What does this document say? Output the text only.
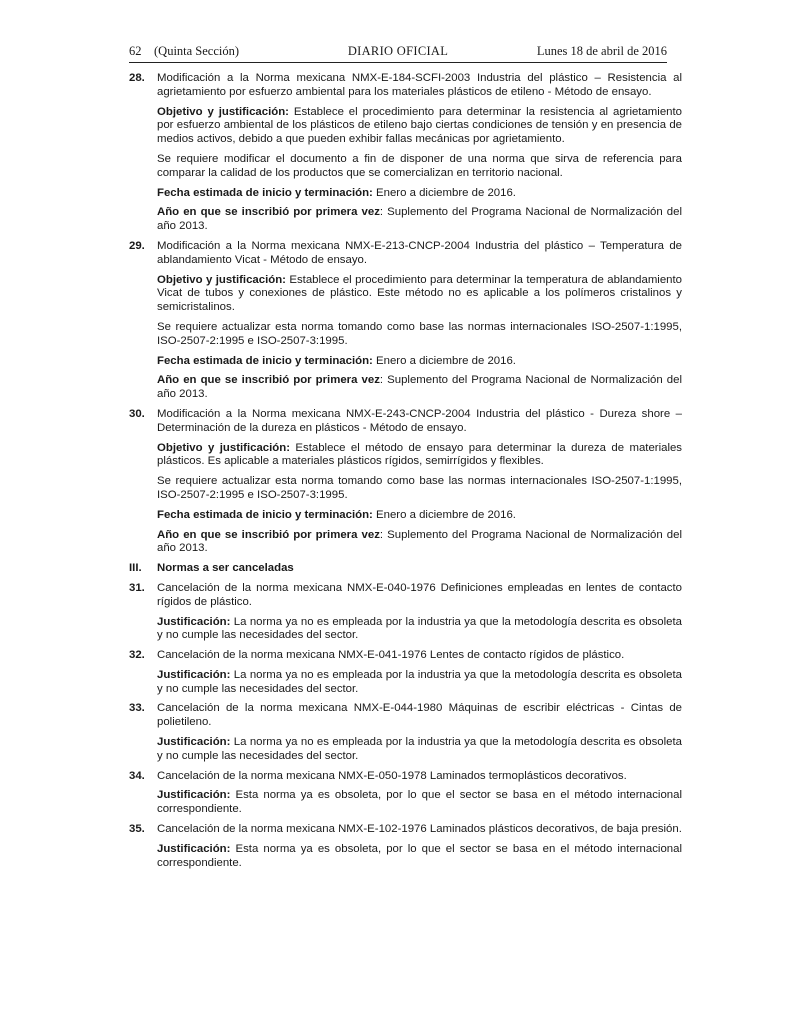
62 (Quinta Sección)	DIARIO OFICIAL	Lunes 18 de abril de 2016
28. Modificación a la Norma mexicana NMX-E-184-SCFI-2003 Industria del plástico – Resistencia al agrietamiento por esfuerzo ambiental para los materiales plásticos de etileno - Método de ensayo.
Objetivo y justificación: Establece el procedimiento para determinar la resistencia al agrietamiento por esfuerzo ambiental de los plásticos de etileno bajo ciertas condiciones de tensión y en presencia de medios activos, debido a que pueden exhibir fallas mecánicas por agrietamiento.
Se requiere modificar el documento a fin de disponer de una norma que sirva de referencia para comparar la calidad de los productos que se comercializan en territorio nacional.
Fecha estimada de inicio y terminación: Enero a diciembre de 2016.
Año en que se inscribió por primera vez: Suplemento del Programa Nacional de Normalización del año 2013.
29. Modificación a la Norma mexicana NMX-E-213-CNCP-2004 Industria del plástico – Temperatura de ablandamiento Vicat - Método de ensayo.
Objetivo y justificación: Establece el procedimiento para determinar la temperatura de ablandamiento Vicat de tubos y conexiones de plástico. Este método no es aplicable a los polímeros cristalinos y semicristalinos.
Se requiere actualizar esta norma tomando como base las normas internacionales ISO-2507-1:1995, ISO-2507-2:1995 e ISO-2507-3:1995.
Fecha estimada de inicio y terminación: Enero a diciembre de 2016.
Año en que se inscribió por primera vez: Suplemento del Programa Nacional de Normalización del año 2013.
30. Modificación a la Norma mexicana NMX-E-243-CNCP-2004 Industria del plástico - Dureza shore – Determinación de la dureza en plásticos - Método de ensayo.
Objetivo y justificación: Establece el método de ensayo para determinar la dureza de materiales plásticos. Es aplicable a materiales plásticos rígidos, semirrígidos y flexibles.
Se requiere actualizar esta norma tomando como base las normas internacionales ISO-2507-1:1995, ISO-2507-2:1995 e ISO-2507-3:1995.
Fecha estimada de inicio y terminación: Enero a diciembre de 2016.
Año en que se inscribió por primera vez: Suplemento del Programa Nacional de Normalización del año 2013.
III. Normas a ser canceladas
31. Cancelación de la norma mexicana NMX-E-040-1976 Definiciones empleadas en lentes de contacto rígidos de plástico.
Justificación: La norma ya no es empleada por la industria ya que la metodología descrita es obsoleta y no cumple las necesidades del sector.
32. Cancelación de la norma mexicana NMX-E-041-1976 Lentes de contacto rígidos de plástico.
Justificación: La norma ya no es empleada por la industria ya que la metodología descrita es obsoleta y no cumple las necesidades del sector.
33. Cancelación de la norma mexicana NMX-E-044-1980 Máquinas de escribir eléctricas - Cintas de polietileno.
Justificación: La norma ya no es empleada por la industria ya que la metodología descrita es obsoleta y no cumple las necesidades del sector.
34. Cancelación de la norma mexicana NMX-E-050-1978 Laminados termoplásticos decorativos.
Justificación: Esta norma ya es obsoleta, por lo que el sector se basa en el método internacional correspondiente.
35. Cancelación de la norma mexicana NMX-E-102-1976 Laminados plásticos decorativos, de baja presión.
Justificación: Esta norma ya es obsoleta, por lo que el sector se basa en el método internacional correspondiente.
